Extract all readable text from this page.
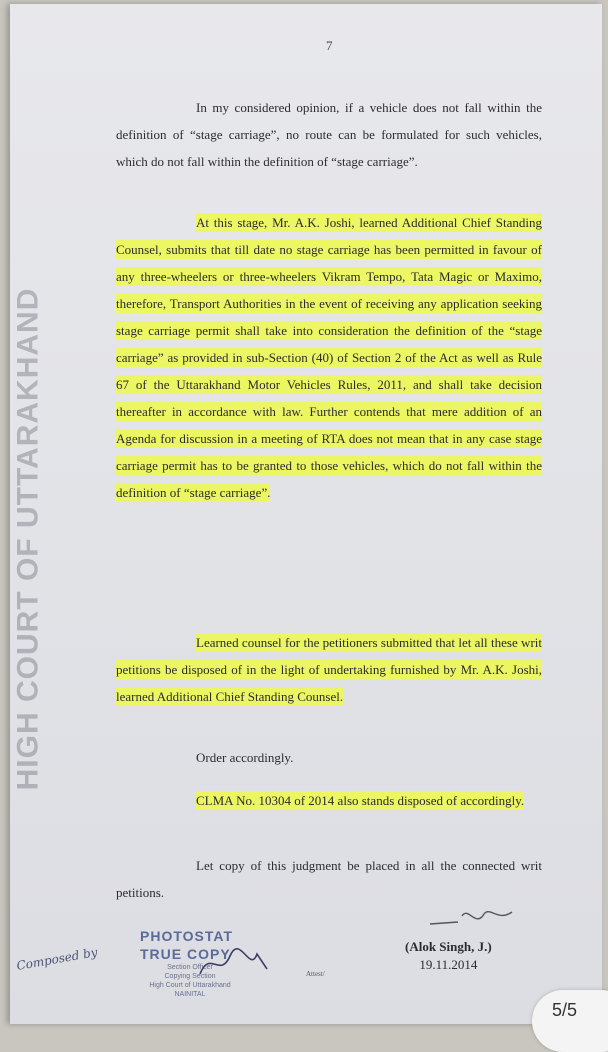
HIGH COURT OF UTTARAKHAND
7

In my considered opinion, if a vehicle does not fall within the definition of “stage carriage”, no route can be formulated for such vehicles, which do not fall within the definition of “stage carriage”.

At this stage, Mr. A.K. Joshi, learned Additional Chief Standing Counsel, submits that till date no stage carriage has been permitted in favour of any three-wheelers or three-wheelers Vikram Tempo, Tata Magic or Maximo, therefore, Transport Authorities in the event of receiving any application seeking stage carriage permit shall take into consideration the definition of the “stage carriage” as provided in sub-Section (40) of Section 2 of the Act as well as Rule 67 of the Uttarakhand Motor Vehicles Rules, 2011, and shall take decision thereafter in accordance with law. Further contends that mere addition of an Agenda for discussion in a meeting of RTA does not mean that in any case stage carriage permit has to be granted to those vehicles, which do not fall within the definition of “stage carriage”.

Learned counsel for the petitioners submitted that let all these writ petitions be disposed of in the light of undertaking furnished by Mr. A.K. Joshi, learned Additional Chief Standing Counsel.

Order accordingly.

CLMA No. 10304 of 2014 also stands disposed of accordingly.

Let copy of this judgment be placed in all the connected writ petitions.

PHOTOSTAT
TRUE COPY
Section Officer
Copying Section
High Court of Uttarakhand
NAINITAL
Composed by
Attest/
(Alok Singh, J.)
19.11.2014
5/5
